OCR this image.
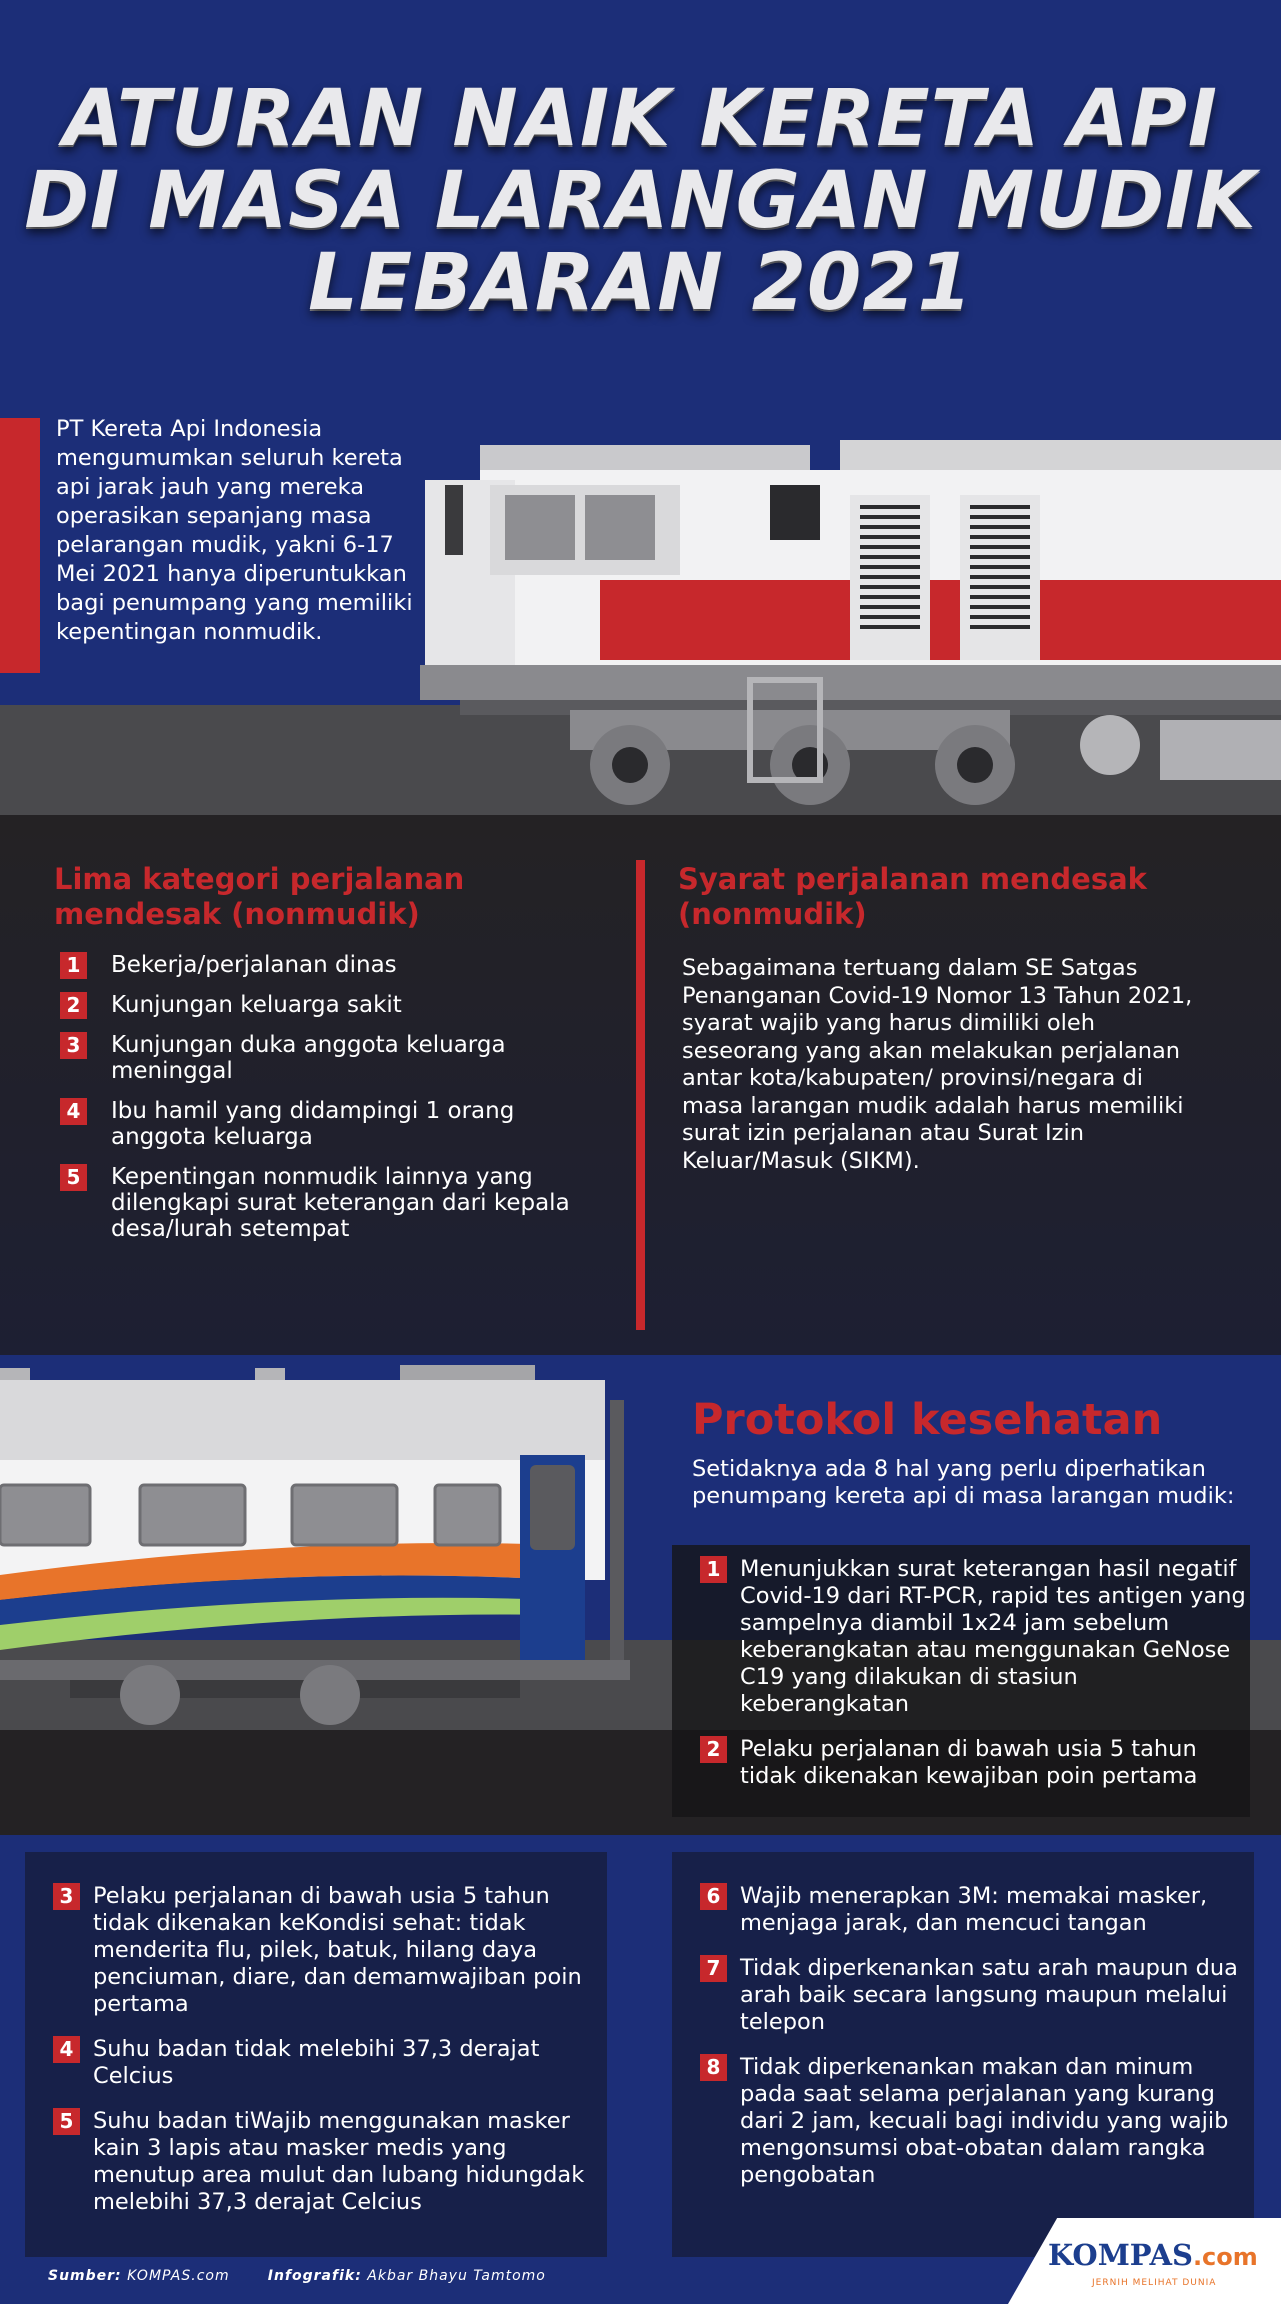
ATURAN NAIK KERETA API
DI MASA LARANGAN MUDIK
LEBARAN 2021
PT Kereta Api Indonesia mengumumkan seluruh kereta api jarak jauh yang mereka operasikan sepanjang masa pelarangan mudik, yakni 6-17 Mei 2021 hanya diperuntukkan bagi penumpang yang memiliki kepentingan nonmudik.
Lima kategori perjalanan mendesak (nonmudik)
1 Bekerja/perjalanan dinas
2 Kunjungan keluarga sakit
3 Kunjungan duka anggota keluarga meninggal
4 Ibu hamil yang didampingi 1 orang anggota keluarga
5 Kepentingan nonmudik lainnya yang dilengkapi surat keterangan dari kepala desa/lurah setempat
Syarat perjalanan mendesak (nonmudik)
Sebagaimana tertuang dalam SE Satgas Penanganan Covid-19 Nomor 13 Tahun 2021, syarat wajib yang harus dimiliki oleh seseorang yang akan melakukan perjalanan antar kota/kabupaten/ provinsi/negara di masa larangan mudik adalah harus memiliki surat izin perjalanan atau Surat Izin Keluar/Masuk (SIKM).
Protokol kesehatan
Setidaknya ada 8 hal yang perlu diperhatikan penumpang kereta api di masa larangan mudik:
1 Menunjukkan surat keterangan hasil negatif Covid-19 dari RT-PCR, rapid tes antigen yang sampelnya diambil 1x24 jam sebelum keberangkatan atau menggunakan GeNose C19 yang dilakukan di stasiun keberangkatan
2 Pelaku perjalanan di bawah usia 5 tahun tidak dikenakan kewajiban poin pertama
3 Pelaku perjalanan di bawah usia 5 tahun tidak dikenakan keKondisi sehat: tidak menderita flu, pilek, batuk, hilang daya penciuman, diare, dan demamwajiban poin pertama
4 Suhu badan tidak melebihi 37,3 derajat Celcius
5 Suhu badan tiWajib menggunakan masker kain 3 lapis atau masker medis yang menutup area mulut dan lubang hidungdak melebihi 37,3 derajat Celcius
6 Wajib menerapkan 3M: memakai masker, menjaga jarak, dan mencuci tangan
7 Tidak diperkenankan satu arah maupun dua arah baik secara langsung maupun melalui telepon
8 Tidak diperkenankan makan dan minum pada saat selama perjalanan yang kurang dari 2 jam, kecuali bagi individu yang wajib mengonsumsi obat-obatan dalam rangka pengobatan
Sumber: KOMPAS.com	Infografik: Akbar Bhayu Tamtomo
KOMPAS.com
JERNIH MELIHAT DUNIA
